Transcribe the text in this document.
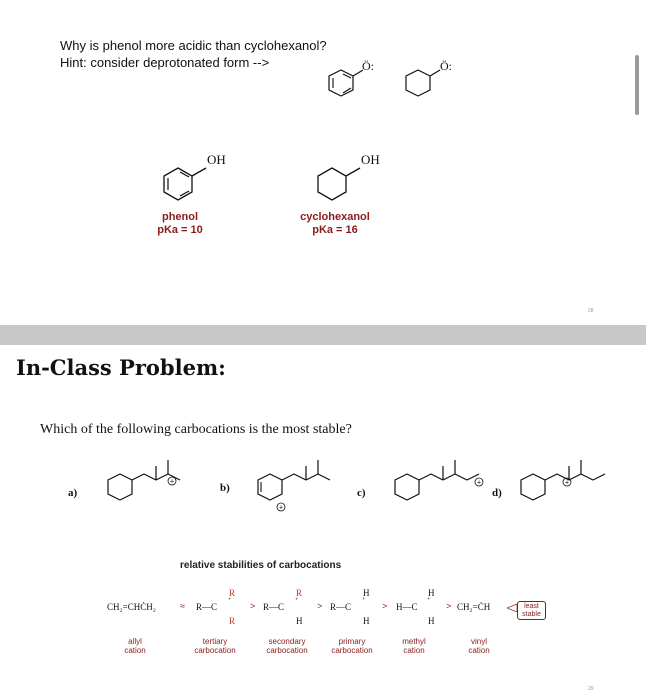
Why is phenol more acidic than cyclohexanol?
Hint: consider deprotonated form -->	Ö:	Ö:
OH
phenol
pKa = 10
OH
cyclohexanol
pKa = 16
28
In-Class Problem:
Which of the following carbocations is the most stable?
a)
+	b)
+
c)
+
d)
+
relative stabilities of carbocations
CH₂=CHĊH₂	≈ R—C
R
R
+
> R—C
R
H
+
> R—C
H
H
+
> H—C
H
H
+
> CH₂=ĊH	least stable
allyl cation
tertiary carbocation
secondary carbocation
primary carbocation
methyl cation
vinyl cation
29
